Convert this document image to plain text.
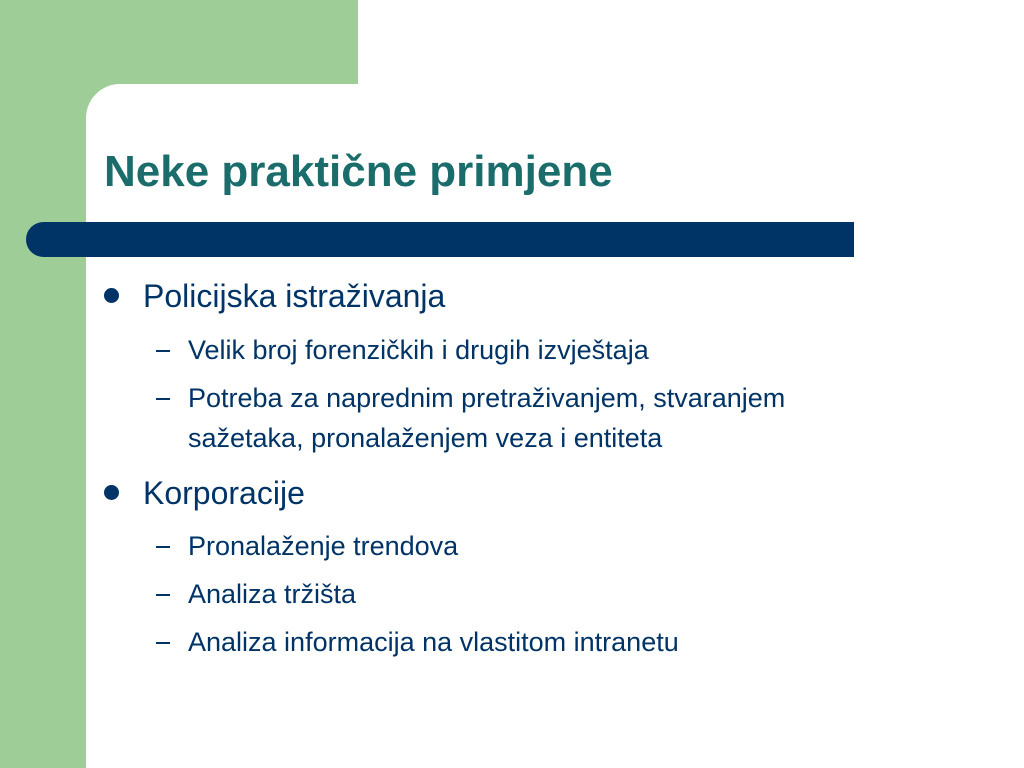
Neke praktične primjene
Policijska istraživanja
Velik broj forenzičkih i drugih izvještaja
Potreba za naprednim pretraživanjem, stvaranjem
sažetaka, pronalaženjem veza i entiteta
Korporacije
Pronalaženje trendova
Analiza tržišta
Analiza informacija na vlastitom intranetu
